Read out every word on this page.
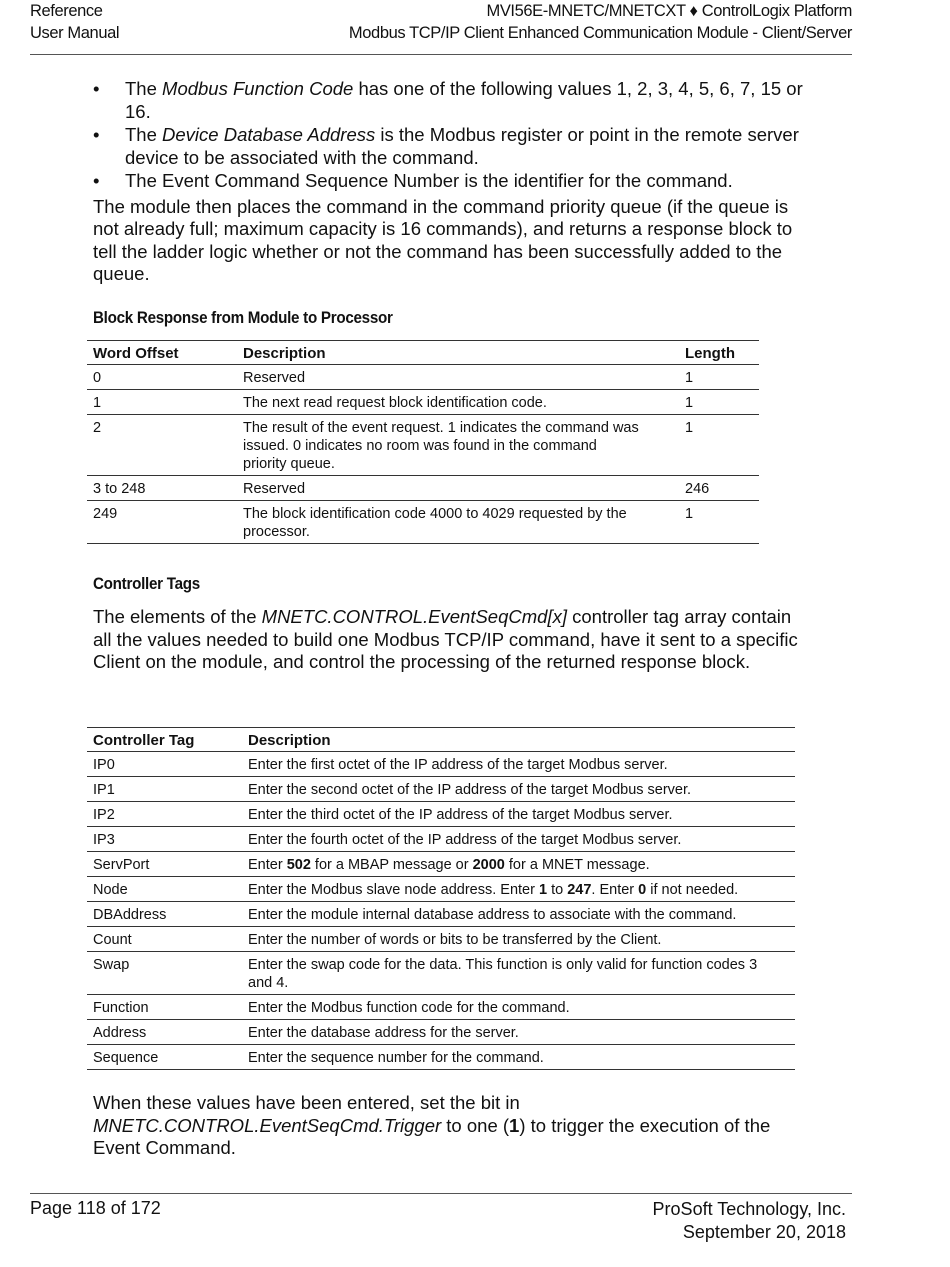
Reference
User Manual
MVI56E-MNETC/MNETCXT ♦ ControlLogix Platform
Modbus TCP/IP Client Enhanced Communication Module - Client/Server
• The Modbus Function Code has one of the following values 1, 2, 3, 4, 5, 6, 7, 15 or 16.
• The Device Database Address is the Modbus register or point in the remote server device to be associated with the command.
• The Event Command Sequence Number is the identifier for the command.

The module then places the command in the command priority queue (if the queue is not already full; maximum capacity is 16 commands), and returns a response block to tell the ladder logic whether or not the command has been successfully added to the queue.

Block Response from Module to Processor
Word Offset	Description	Length
0	Reserved	1
1	The next read request block identification code.	1
2	The result of the event request. 1 indicates the command was issued. 0 indicates no room was found in the command priority queue.	1
3 to 248	Reserved	246
249	The block identification code 4000 to 4029 requested by the processor.	1
Controller Tags

The elements of the MNETC.CONTROL.EventSeqCmd[x] controller tag array contain all the values needed to build one Modbus TCP/IP command, have it sent to a specific Client on the module, and control the processing of the returned response block.

Controller Tag	Description
IP0	Enter the first octet of the IP address of the target Modbus server.
IP1	Enter the second octet of the IP address of the target Modbus server.
IP2	Enter the third octet of the IP address of the target Modbus server.
IP3	Enter the fourth octet of the IP address of the target Modbus server.
ServPort	Enter 502 for a MBAP message or 2000 for a MNET message.
Node	Enter the Modbus slave node address. Enter 1 to 247. Enter 0 if not needed.
DBAddress	Enter the module internal database address to associate with the command.
Count	Enter the number of words or bits to be transferred by the Client.
Swap	Enter the swap code for the data. This function is only valid for function codes 3 and 4.
Function	Enter the Modbus function code for the command.
Address	Enter the database address for the server.
Sequence	Enter the sequence number for the command.

When these values have been entered, set the bit in MNETC.CONTROL.EventSeqCmd.Trigger to one (1) to trigger the execution of the Event Command.

Page 118 of 172	ProSoft Technology, Inc.
September 20, 2018
